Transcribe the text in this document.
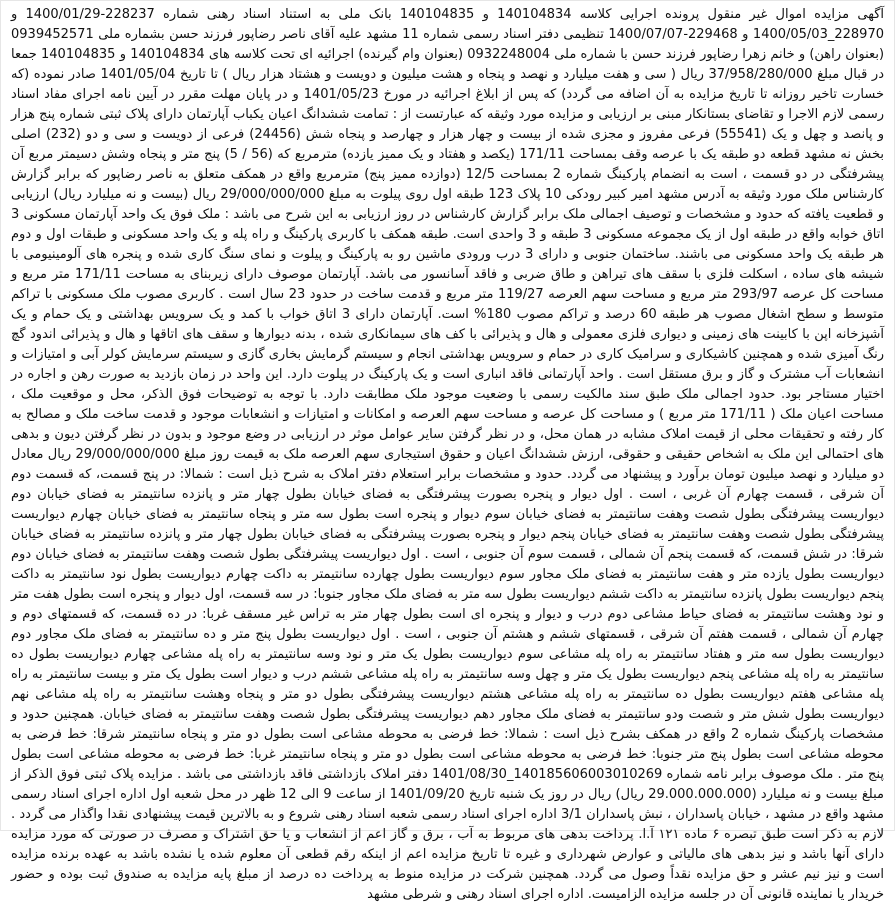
آگهی مزایده اموال غیر منقول پرونده اجرایی کلاسه 140104834 و 140104835 بانک ملی به استناد اسناد رهنی شماره 228237-1400/01/29 و 228970_1400/05/03 و 229468-1400/07/07 تنظیمی دفتر اسناد رسمی شماره 11 مشهد علیه آقای ناصر رضاپور فرزند حسن بشماره ملی 0939452571 (بعنوان راهن) و خانم زهرا رضاپور فرزند حسن با شماره ملی 0932248004 (بعنوان وام گیرنده) اجرائیه ای تحت کلاسه های 140104834 و 140104835 جمعا در قبال مبلغ 37/958/280/000 ریال ( سی و هفت میلیارد و نهصد و پنجاه و هشت میلیون و دویست و هشتاد هزار ریال ) تا تاریخ 1401/05/04 صادر نموده (که خسارت تاخیر روزانه تا تاریخ مزایده به آن اضافه می گردد) که پس از ابلاغ اجرائیه در مورخ 1401/05/23 و در پایان مهلت مقرر در آیین نامه اجرای مفاد اسناد رسمی لازم الاجرا و تقاضای بستانکار مبنی بر ارزیابی و مزایده مورد وثیقه که عبارتست از : تمامت ششدانگ اعیان یکباب آپارتمان دارای پلاک ثبتی شماره پنج هزار و پانصد و چهل و یک (55541) فرعی مفروز و مجزی شده از بیست و چهار هزار و چهارصد و پنجاه شش (24456) فرعی از دویست و سی و دو (232) اصلی بخش نه مشهد قطعه دو طبقه یک با عرصه وقف بمساحت 171/11 (یکصد و هفتاد و یک ممیز یازده) مترمربع که (56 / 5) پنج متر و پنجاه وشش دسیمتر مربع آن پیشرفتگی در دو قسمت ، است به انضمام پارکینگ شماره 2 بمساحت 12/5 (دوازده ممیز پنج) مترمربع واقع در همکف متعلق به ناصر رضاپور که برابر گزارش کارشناس ملک مورد وثیقه به آدرس مشهد امیر کبیر رودکی 10 پلاک 123 طبقه اول روی پیلوت به مبلغ 29/000/000/000 ریال (بیست و نه میلیارد ریال) ارزیابی و قطعیت یافته که حدود و مشخصات و توصیف اجمالی ملک برابر گزارش کارشناس در روز ارزیابی به این شرح می باشد : ملک فوق یک واحد آپارتمان مسکونی 3 اتاق خوابه واقع در طبقه اول از یک مجموعه مسکونی 3 طبقه و 3 واحدی است. طبقه همکف با کاربری پارکینگ و راه پله و یک واحد مسکونی و طبقات اول و دوم هر طبقه یک واحد مسکونی می باشند. ساختمان جنوبی و دارای 3 درب ورودی ماشین رو به پارکینگ و پیلوت و نمای سنگ کاری شده و پنجره های آلومینیومی با شیشه های ساده ، اسکلت فلزی با سقف های تیراهن و طاق ضربی و فاقد آسانسور می باشد. آپارتمان موصوف دارای زیربنای به مساحت 171/11 متر مربع و مساحت کل عرصه 293/97 متر مربع و مساحت سهم العرصه 119/27 متر مربع و قدمت ساخت در حدود 23 سال است . کاربری مصوب ملک مسکونی با تراکم متوسط و سطح اشغال مصوب هر طبقه 60 درصد و تراکم مصوب 180% است. آپارتمان دارای 3 اتاق خواب با کمد و یک سرویس بهداشتی و یک حمام و یک آشپزخانه اپن با کابینت های زمینی و دیواری فلزی معمولی و هال و پذیرائی با کف های سیمانکاری شده ، بدنه دیوارها و سقف های اتاقها و هال و پذیرائی اندود گچ رنگ آمیزی شده و همچنین کاشیکاری و سرامیک کاری در حمام و سرویس بهداشتی انجام و سیستم گرمایش بخاری گازی و سیستم سرمایش کولر آبی و امتیازات و انشعابات آب مشترک و گاز و برق مستقل است . واحد آپارتمانی فاقد انباری است و یک پارکینگ در پیلوت دارد. این واحد در زمان بازدید به صورت رهن و اجاره در اختیار مستاجر بود. حدود اجمالی ملک طبق سند مالکیت رسمی با وضعیت موجود ملک مطابقت دارد. با توجه به توضیحات فوق الذکر، محل و موقعیت ملک ، مساحت اعیان ملک ( 171/11 متر مربع ) و مساحت کل عرصه و مساحت سهم العرصه و امکانات و امتیازات و انشعابات موجود و قدمت ساخت ملک و مصالح به کار رفته و تحقیقات محلی از قیمت املاک مشابه در همان محل، و در نظر گرفتن سایر عوامل موثر در ارزیابی در وضع موجود و بدون در نظر گرفتن دیون و بدهی های احتمالی این ملک به اشخاص حقیقی و حقوقی، ارزش ششدانگ اعیان و حقوق استیجاری سهم العرصه ملک به قیمت روز مبلغ 29/000/000/000 ریال معادل دو میلیارد و نهصد میلیون تومان برآورد و پیشنهاد می گردد. حدود و مشخصات برابر استعلام دفتر املاک به شرح ذیل است : شمالا: در پنج قسمت، که قسمت دوم آن شرقی ، قسمت چهارم آن غربی ، است . اول دیوار و پنجره بصورت پیشرفتگی به فضای خیابان بطول چهار متر و پانزده سانتیمتر به فضای خیابان دوم دیواریست پیشرفتگی بطول شصت وهفت سانتیمتر به فضای خیابان سوم دیوار و پنجره است بطول سه متر و پنجاه سانتیمتر به فضای خیابان چهارم دیواریست پیشرفتگی بطول شصت وهفت سانتیمتر به فضای خیابان پنجم دیوار و پنجره بصورت پیشرفتگی به فضای خیابان بطول چهار متر و پانزده سانتیمتر به فضای خیابان شرقا: در شش قسمت، که قسمت پنجم آن شمالی ، قسمت سوم آن جنوبی ، است . اول دیواریست پیشرفتگی بطول شصت وهفت سانتیمتر به فضای خیابان دوم دیواریست بطول یازده متر و هفت سانتیمتر به فضای ملک مجاور سوم دیواریست بطول چهارده سانتیمتر به داکت چهارم دیواریست بطول نود سانتیمتر به داکت پنجم دیواریست بطول پانزده سانتیمتر به داکت ششم دیواریست بطول سه متر به فضای ملک مجاور جنوبا: در سه قسمت، اول دیوار و پنجره است بطول هفت متر و نود وهشت سانتیمتر به فضای حیاط مشاعی دوم درب و دیوار و پنجره ای است بطول چهار متر به تراس غیر مسقف غربا: در ده قسمت، که قسمتهای دوم و چهارم آن شمالی ، قسمت هفتم آن شرقی ، قسمتهای ششم و هشتم آن جنوبی ، است . اول دیواریست بطول پنج متر و ده سانتیمتر به فضای ملک مجاور دوم دیواریست بطول سه متر و هفتاد سانتیمتر به راه پله مشاعی سوم دیواریست بطول یک متر و نود وسه سانتیمتر به راه پله مشاعی چهارم دیواریست بطول ده سانتیمتر به راه پله مشاعی پنجم دیواریست بطول یک متر و چهل وسه سانتیمتر به راه پله مشاعی ششم درب و دیوار است بطول یک متر و بیست سانتیمتر به راه پله مشاعی هفتم دیواریست بطول ده سانتیمتر به راه پله مشاعی هشتم دیواریست پیشرفتگی بطول دو متر و پنجاه وهشت سانتیمتر به راه پله مشاعی نهم دیواریست بطول شش متر و شصت ودو سانتیمتر به فضای ملک مجاور دهم دیواریست پیشرفتگی بطول شصت وهفت سانتیمتر به فضای خیابان. همچنین حدود و مشخصات پارکینگ شماره 2 واقع در همکف بشرح ذیل است : شمالا: خط فرضی به محوطه مشاعی است بطول دو متر و پنجاه سانتیمتر شرقا: خط فرضی به محوطه مشاعی است بطول پنج متر جنوبا: خط فرضی به محوطه مشاعی است بطول دو متر و پنجاه سانتیمتر غربا: خط فرضی به محوطه مشاعی است بطول پنج متر . ملک موصوف برابر نامه شماره 140185606003010269_1401/08/30 دفتر املاک بازداشتی فاقد بازداشتی می باشد . مزایده پلاک ثبتی فوق الذکر از مبلغ بیست و نه میلیارد (29.000.000.000 ریال) ریال در روز یک شنبه تاریخ 1401/09/20 از ساعت 9 الی 12 ظهر در محل شعبه اول اداره اجرای اسناد رسمی مشهد واقع در مشهد ، خیابان پاسداران ، نبش پاسداران 3/1 اداره اجرای اسناد رسمی شعبه اسناد رهنی شروع و به بالاترین قیمت پیشنهادی نقدا واگذار می گردد . لازم به ذکر است طبق تبصره ۶ ماده ۱۲۱ آ.ا. پرداخت بدهی های مربوط به آب ، برق و گاز اعم از انشعاب و یا حق اشتراک و مصرف در صورتی که مورد مزایده دارای آنها باشد و نیز بدهی های مالیاتی و عوارض شهرداری و غیره تا تاریخ مزایده اعم از اینکه رقم قطعی آن معلوم شده یا نشده باشد به عهده برنده مزایده است و نیز نیم عشر و حق مزایده نقداً وصول می گردد. همچنین شرکت در مزایده منوط به پرداخت ده درصد از مبلغ پایه مزایده به صندوق ثبت بوده و حضور خریدار یا نماینده قانونی آن در جلسه مزایده الزامیست. اداره اجرای اسناد رهنی و شرطی مشهد
